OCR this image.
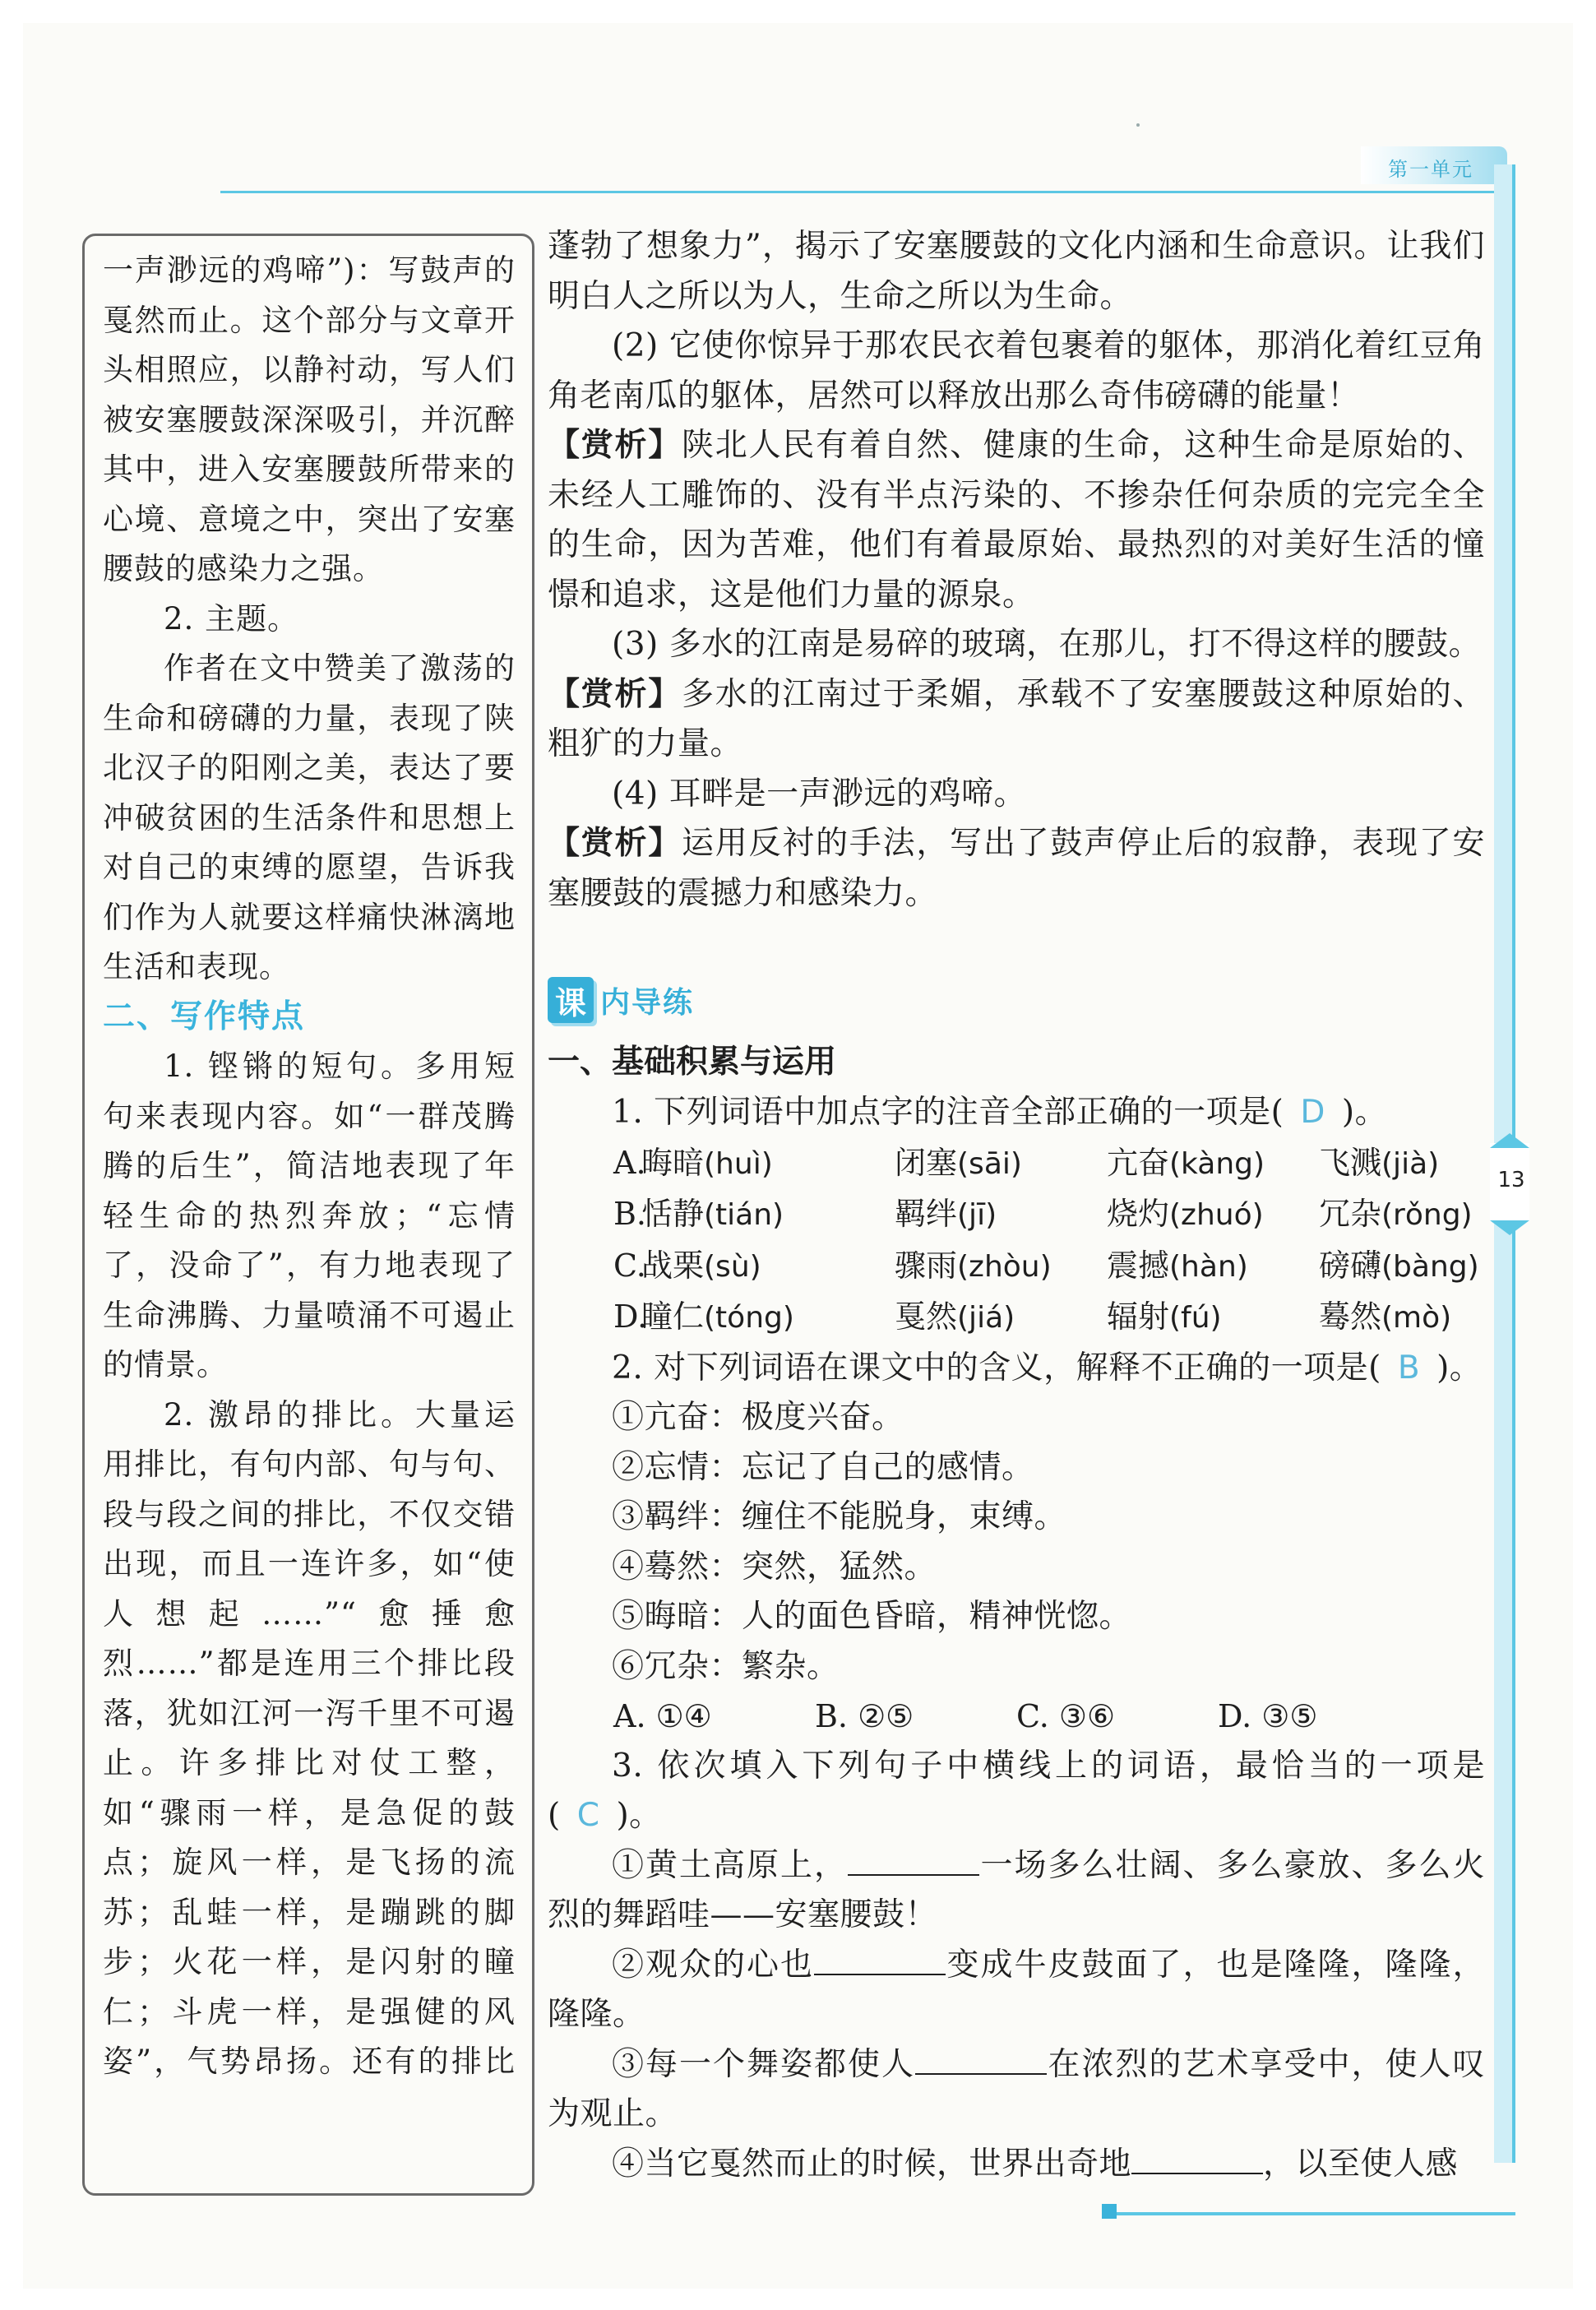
第一单元
13

一声渺远的鸡啼”)：写鼓声的戛然而止。这个部分与文章开头相照应，以静衬动，写人们被安塞腰鼓深深吸引，并沉醉其中，进入安塞腰鼓所带来的心境、意境之中，突出了安塞腰鼓的感染力之强。

2. 主题。

作者在文中赞美了激荡的生命和磅礴的力量，表现了陕北汉子的阳刚之美，表达了要冲破贫困的生活条件和思想上对自己的束缚的愿望，告诉我们作为人就要这样痛快淋漓地生活和表现。

二、写作特点

1. 铿锵的短句。多用短句来表现内容。如“一群茂腾腾的后生”，简洁地表现了年轻生命的热烈奔放；“忘情了，没命了”，有力地表现了生命沸腾、力量喷涌不可遏止的情景。

2. 激昂的排比。大量运用排比，有句内部、句与句、段与段之间的排比，不仅交错出现，而且一连许多，如“使人想起……”“愈捶愈烈……”都是连用三个排比段落，犹如江河一泻千里不可遏止。许多排比对仗工整，如“骤雨一样，是急促的鼓点；旋风一样，是飞扬的流苏；乱蛙一样，是蹦跳的脚步；火花一样，是闪射的瞳仁；斗虎一样，是强健的风姿”，气势昂扬。还有的排比

蓬勃了想象力”，揭示了安塞腰鼓的文化内涵和生命意识。让我们明白人之所以为人，生命之所以为生命。

(2) 它使你惊异于那农民衣着包裹着的躯体，那消化着红豆角角老南瓜的躯体，居然可以释放出那么奇伟磅礴的能量！

【赏析】陕北人民有着自然、健康的生命，这种生命是原始的、未经人工雕饰的、没有半点污染的、不掺杂任何杂质的完完全全的生命，因为苦难，他们有着最原始、最热烈的对美好生活的憧憬和追求，这是他们力量的源泉。

(3) 多水的江南是易碎的玻璃，在那儿，打不得这样的腰鼓。

【赏析】多水的江南过于柔媚，承载不了安塞腰鼓这种原始的、粗犷的力量。

(4) 耳畔是一声渺远的鸡啼。

【赏析】运用反衬的手法，写出了鼓声停止后的寂静，表现了安塞腰鼓的震撼力和感染力。

课 内导练

一、基础积累与运用

1. 下列词语中加点字的注音全部正确的一项是( D )。

A.
晦暗(huì)	闭塞(sāi)	亢奋(kàng)	飞溅(jià)
B.
恬静(tián)	羁绊(jī)	烧灼(zhuó)	冗杂(rǒng)
C.
战栗(sù)	骤雨(zhòu)	震撼(hàn)	磅礴(bàng)
D.
瞳仁(tóng)	戛然(jiá)	辐射(fú)	蓦然(mò)

2. 对下列词语在课文中的含义，解释不正确的一项是( B )。

①亢奋：极度兴奋。

②忘情：忘记了自己的感情。

③羁绊：缠住不能脱身，束缚。

④蓦然：突然，猛然。

⑤晦暗：人的面色昏暗，精神恍惚。

⑥冗杂：繁杂。

A. ①④	B. ②⑤	C. ③⑥	D. ③⑤

3. 依次填入下列句子中横线上的词语，最恰当的一项是( C )。

①黄土高原上，	一场多么壮阔、多么豪放、多么火烈的舞蹈哇——安塞腰鼓！

②观众的心也	变成牛皮鼓面了，也是隆隆，隆隆，隆隆。

③每一个舞姿都使人	在浓烈的艺术享受中，使人叹为观止。

④当它戛然而止的时候，世界出奇地	，以至使人感
